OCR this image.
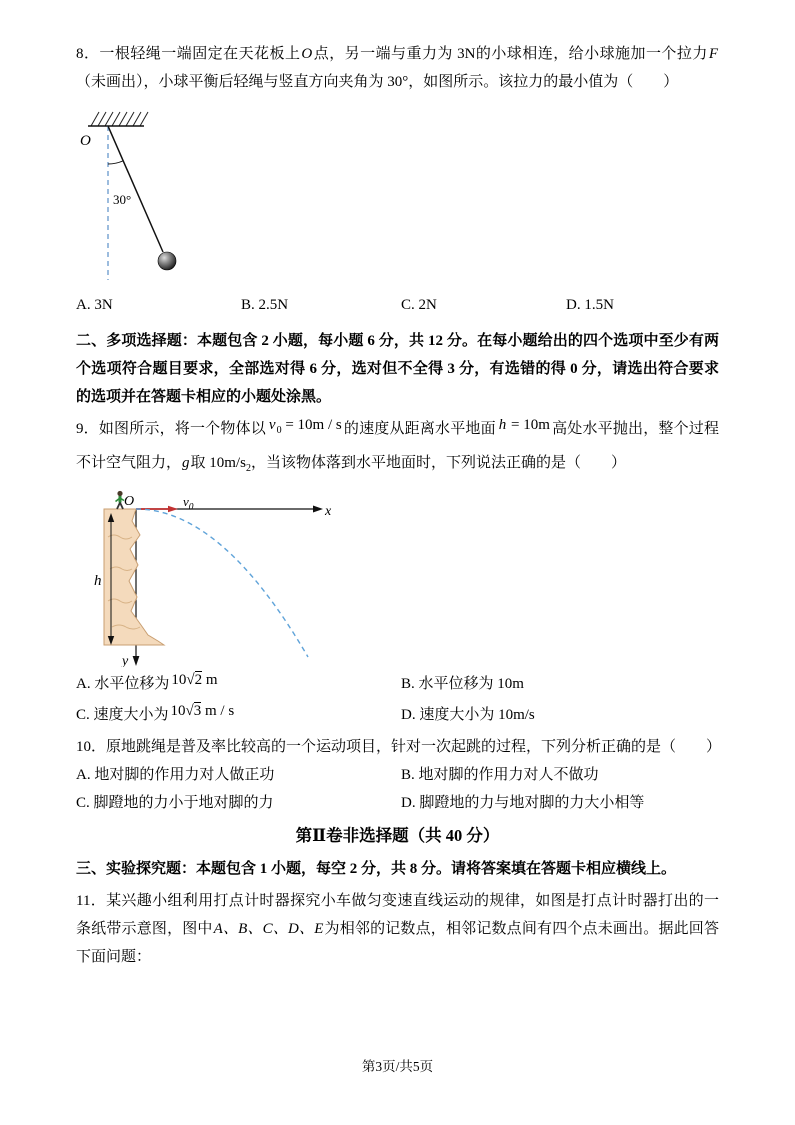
8．一根轻绳一端固定在天花板上O点，另一端与重力为 3N的小球相连，给小球施加一个拉力F（未画出），小球平衡后轻绳与竖直方向夹角为 30°，如图所示。该拉力的最小值为（　　）

O
30°
A. 3N	B. 2.5N	C. 2N	D. 1.5N

二、多项选择题：本题包含 2 小题，每小题 6 分，共 12 分。在每小题给出的四个选项中至少有两个选项符合题目要求，全部选对得 6 分，选对但不全得 3 分，有选错的得 0 分，请选出符合要求的选项并在答题卡相应的小题处涂黑。

9．如图所示，将一个物体以 $v_0 = 10m / s$ 的速度从距离水平地面 h = 10m 高处水平抛出，整个过程不计空气阻力，g取 $10m/s_2$，当该物体落到水平地面时，下列说法正确的是（　　）

h
x
O	$v_0$
y
A. 水平位移为 10√2 m	B. 水平位移为 10m
C. 速度大小为 10√3 m / s	D. 速度大小为 10m/s

10．原地跳绳是普及率比较高的一个运动项目，针对一次起跳的过程，下列分析正确的是（　　）

A. 地对脚的作用力对人做正功	B. 地对脚的作用力对人不做功
C. 脚蹬地的力小于地对脚的力	D. 脚蹬地的力与地对脚的力大小相等

第Ⅱ卷非选择题（共 40 分）

三、实验探究题：本题包含 1 小题，每空 2 分，共 8 分。请将答案填在答题卡相应横线上。

11．某兴趣小组利用打点计时器探究小车做匀变速直线运动的规律，如图是打点计时器打出的一条纸带示意图，图中A、B、C、D、E为相邻的记数点，相邻记数点间有四个点未画出。据此回答下面问题：

第3页/共5页
